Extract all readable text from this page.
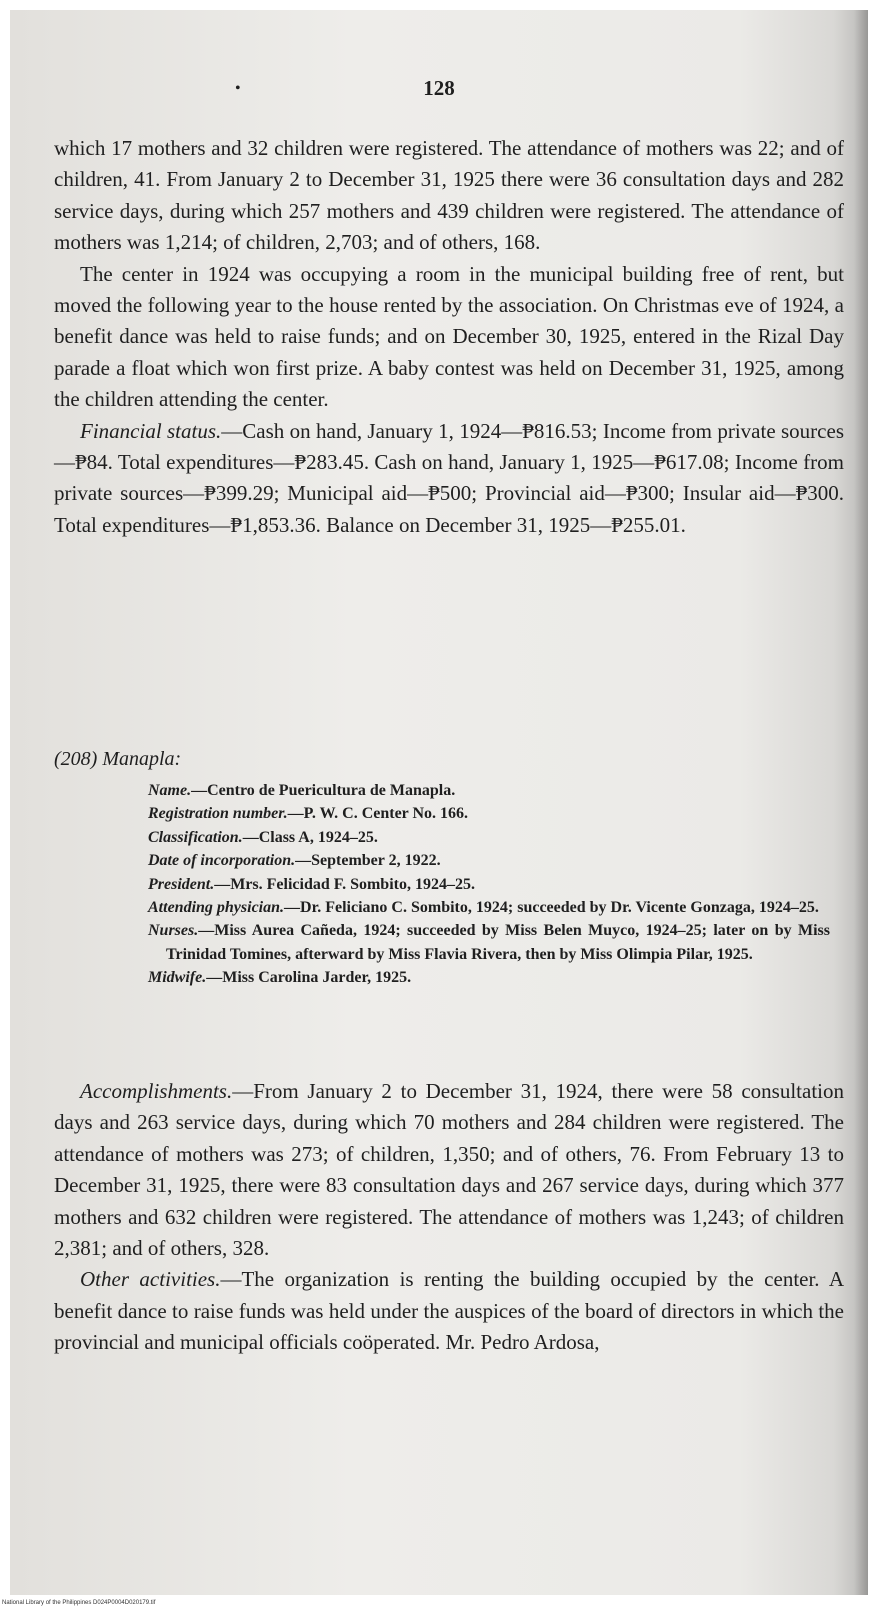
•	128

which 17 mothers and 32 children were registered. The attendance of mothers was 22; and of children, 41. From January 2 to December 31, 1925 there were 36 consultation days and 282 service days, during which 257 mothers and 439 children were registered. The attendance of mothers was 1,214; of children, 2,703; and of others, 168.

The center in 1924 was occupying a room in the municipal building free of rent, but moved the following year to the house rented by the association. On Christmas eve of 1924, a benefit dance was held to raise funds; and on December 30, 1925, entered in the Rizal Day parade a float which won first prize. A baby contest was held on December 31, 1925, among the children attending the center.

Financial status.—Cash on hand, January 1, 1924—₱816.53; Income from private sources—₱84. Total expenditures—₱283.45. Cash on hand, January 1, 1925—₱617.08; Income from private sources—₱399.29; Municipal aid—₱500; Provincial aid—₱300; Insular aid—₱300. Total expenditures—₱1,853.36. Balance on December 31, 1925—₱255.01.

(208) Manapla:

Name.—Centro de Puericultura de Manapla.

Registration number.—P. W. C. Center No. 166.

Classification.—Class A, 1924–25.

Date of incorporation.—September 2, 1922.

President.—Mrs. Felicidad F. Sombito, 1924–25.

Attending physician.—Dr. Feliciano C. Sombito, 1924; succeeded by Dr. Vicente Gonzaga, 1924–25.

Nurses.—Miss Aurea Cañeda, 1924; succeeded by Miss Belen Muyco, 1924–25; later on by Miss Trinidad Tomines, afterward by Miss Flavia Rivera, then by Miss Olimpia Pilar, 1925.

Midwife.—Miss Carolina Jarder, 1925.

Accomplishments.—From January 2 to December 31, 1924, there were 58 consultation days and 263 service days, during which 70 mothers and 284 children were registered. The attendance of mothers was 273; of children, 1,350; and of others, 76. From February 13 to December 31, 1925, there were 83 consultation days and 267 service days, during which 377 mothers and 632 children were registered. The attendance of mothers was 1,243; of children 2,381; and of others, 328.

Other activities.—The organization is renting the building occupied by the center. A benefit dance to raise funds was held under the auspices of the board of directors in which the provincial and municipal officials coöperated. Mr. Pedro Ardosa,

National Library of the Philippines D024P0004D020179.tif
